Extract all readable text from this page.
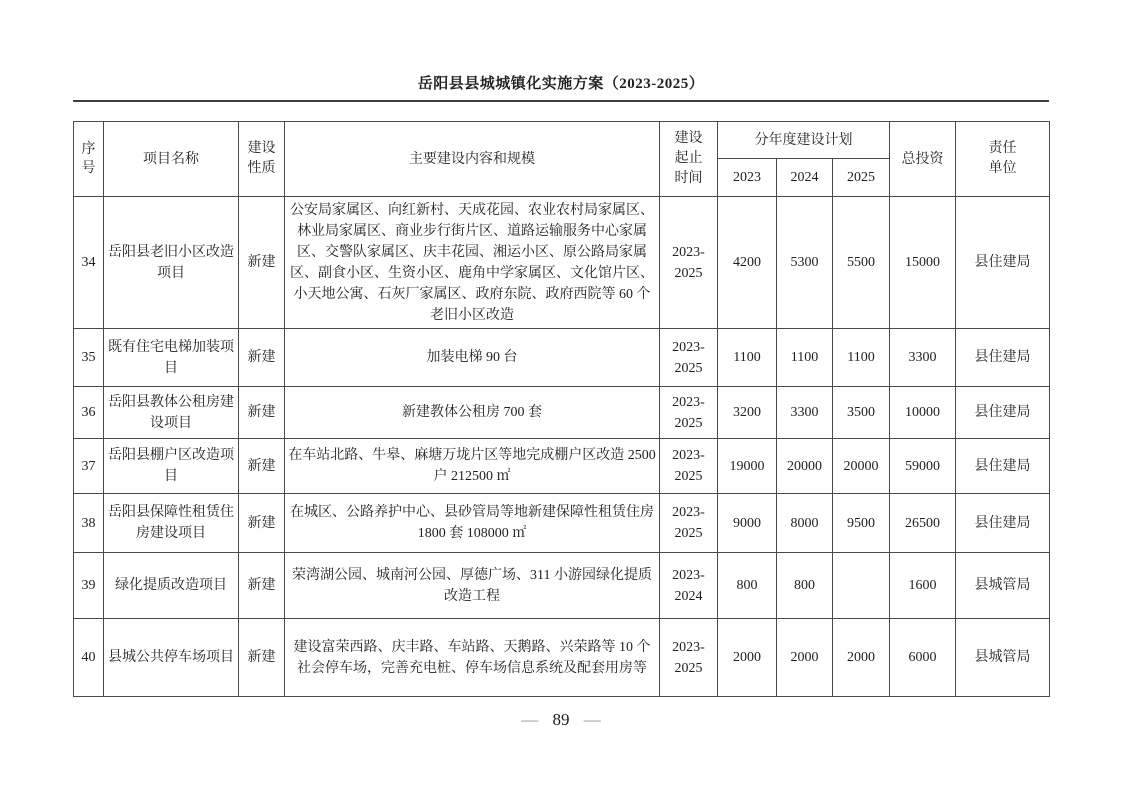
岳阳县县城城镇化实施方案（2023-2025）
序号	项目名称	建设性质	主要建设内容和规模	建设起止时间	分年度建设计划			总投资	责任单位
					2023	2024	2025		
34	岳阳县老旧小区改造项目	新建	公安局家属区、向红新村、天成花园、农业农村局家属区、林业局家属区、商业步行街片区、道路运输服务中心家属区、交警队家属区、庆丰花园、湘运小区、原公路局家属区、副食小区、生资小区、鹿角中学家属区、文化馆片区、小天地公寓、石灰厂家属区、政府东院、政府西院等 60 个老旧小区改造	2023-2025	4200	5300	5500	15000	县住建局
35	既有住宅电梯加装项目	新建	加装电梯 90 台	2023-2025	1100	1100	1100	3300	县住建局
36	岳阳县教体公租房建设项目	新建	新建教体公租房 700 套	2023-2025	3200	3300	3500	10000	县住建局
37	岳阳县棚户区改造项目	新建	在车站北路、牛皋、麻塘万垅片区等地完成棚户区改造 2500 户 212500 ㎡	2023-2025	19000	20000	20000	59000	县住建局
38	岳阳县保障性租赁住房建设项目	新建	在城区、公路养护中心、县砂管局等地新建保障性租赁住房 1800 套 108000 ㎡	2023-2025	9000	8000	9500	26500	县住建局
39	绿化提质改造项目	新建	荣湾湖公园、城南河公园、厚德广场、311 小游园绿化提质改造工程	2023-2024	800	800		1600	县城管局
40	县城公共停车场项目	新建	建设富荣西路、庆丰路、车站路、天鹅路、兴荣路等 10 个社会停车场，完善充电桩、停车场信息系统及配套用房等	2023-2025	2000	2000	2000	6000	县城管局
— 89 —
